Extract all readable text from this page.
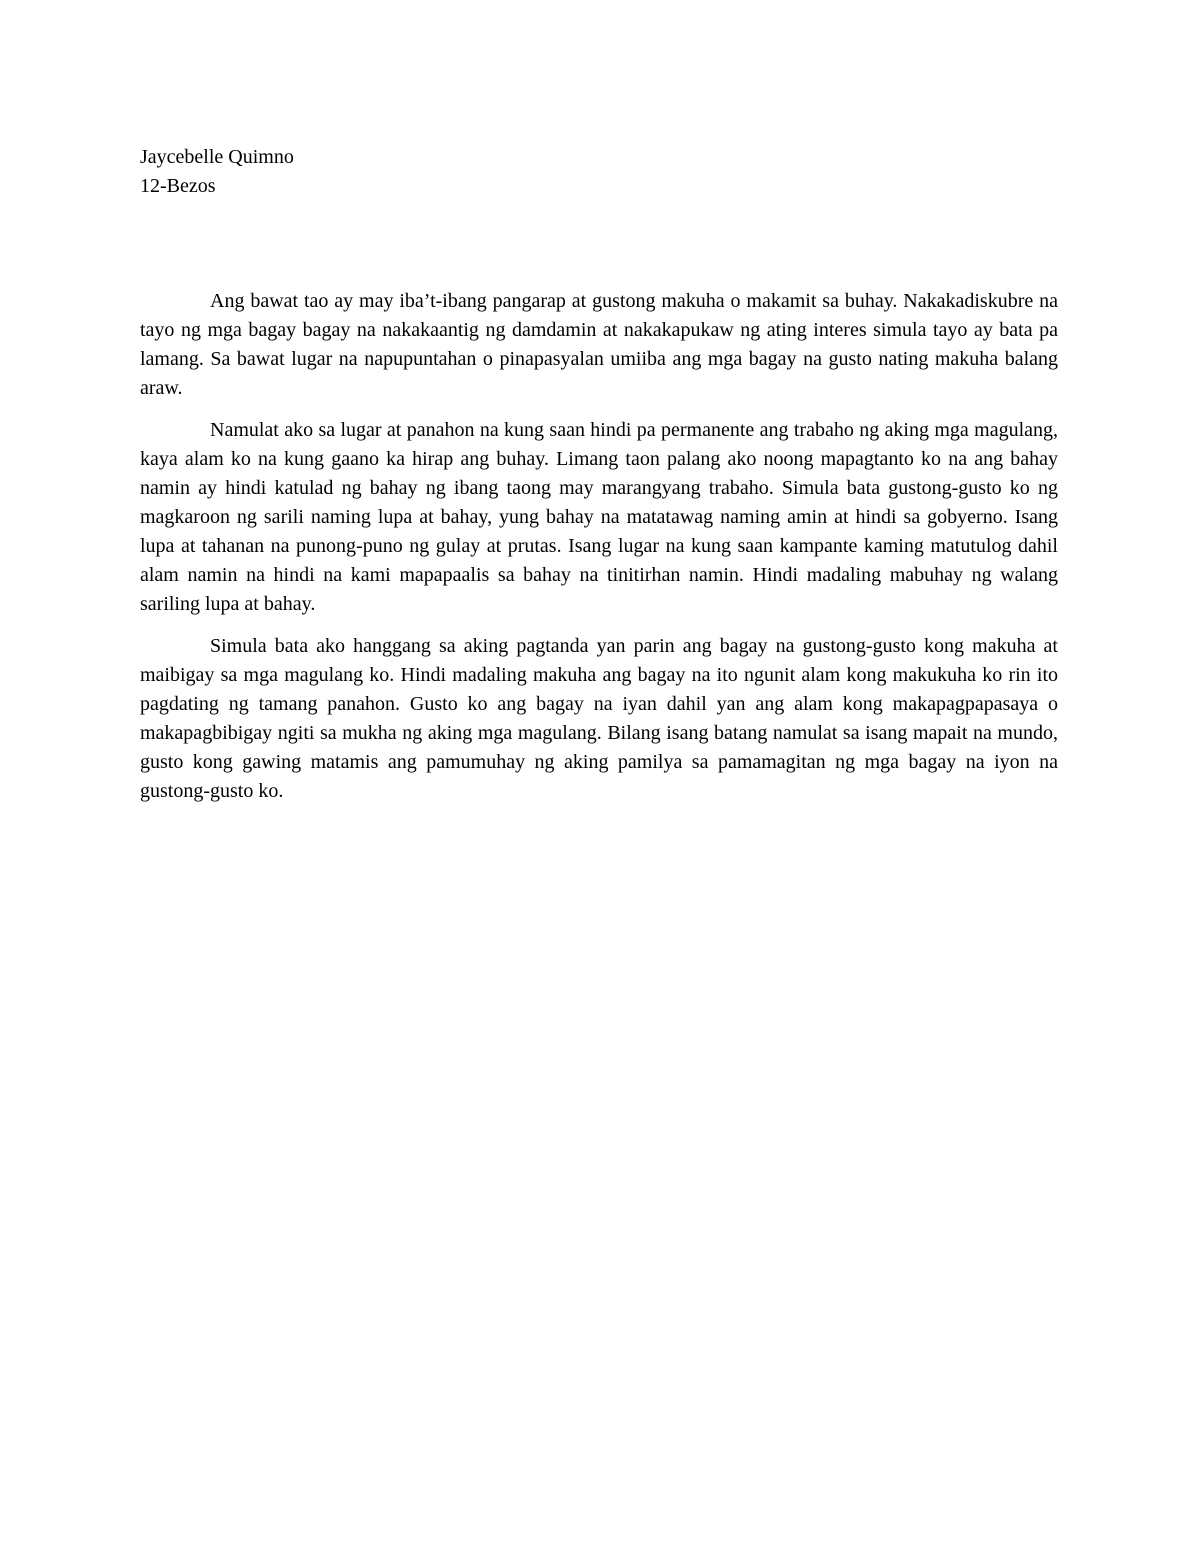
Jaycebelle Quimno
12-Bezos

Ang bawat tao ay may iba’t-ibang pangarap at gustong makuha o makamit sa buhay. Nakakadiskubre na tayo ng mga bagay bagay na nakakaantig ng damdamin at nakakapukaw ng ating interes simula tayo ay bata pa lamang. Sa bawat lugar na napupuntahan o pinapasyalan umiiba ang mga bagay na gusto nating makuha balang araw.

Namulat ako sa lugar at panahon na kung saan hindi pa permanente ang trabaho ng aking mga magulang, kaya alam ko na kung gaano ka hirap ang buhay. Limang taon palang ako noong mapagtanto ko na ang bahay namin ay hindi katulad ng bahay ng ibang taong may marangyang trabaho. Simula bata gustong-gusto ko ng magkaroon ng sarili naming lupa at bahay, yung bahay na matatawag naming amin at hindi sa gobyerno. Isang lupa at tahanan na punong-puno ng gulay at prutas. Isang lugar na kung saan kampante kaming matutulog dahil alam namin na hindi na kami mapapaalis sa bahay na tinitirhan namin. Hindi madaling mabuhay ng walang sariling lupa at bahay.

Simula bata ako hanggang sa aking pagtanda yan parin ang bagay na gustong-gusto kong makuha at maibigay sa mga magulang ko. Hindi madaling makuha ang bagay na ito ngunit alam kong makukuha ko rin ito pagdating ng tamang panahon. Gusto ko ang bagay na iyan dahil yan ang alam kong makapagpapasaya o makapagbibigay ngiti sa mukha ng aking mga magulang. Bilang isang batang namulat sa isang mapait na mundo, gusto kong gawing matamis ang pamumuhay ng aking pamilya sa pamamagitan ng mga bagay na iyon na gustong-gusto ko.
